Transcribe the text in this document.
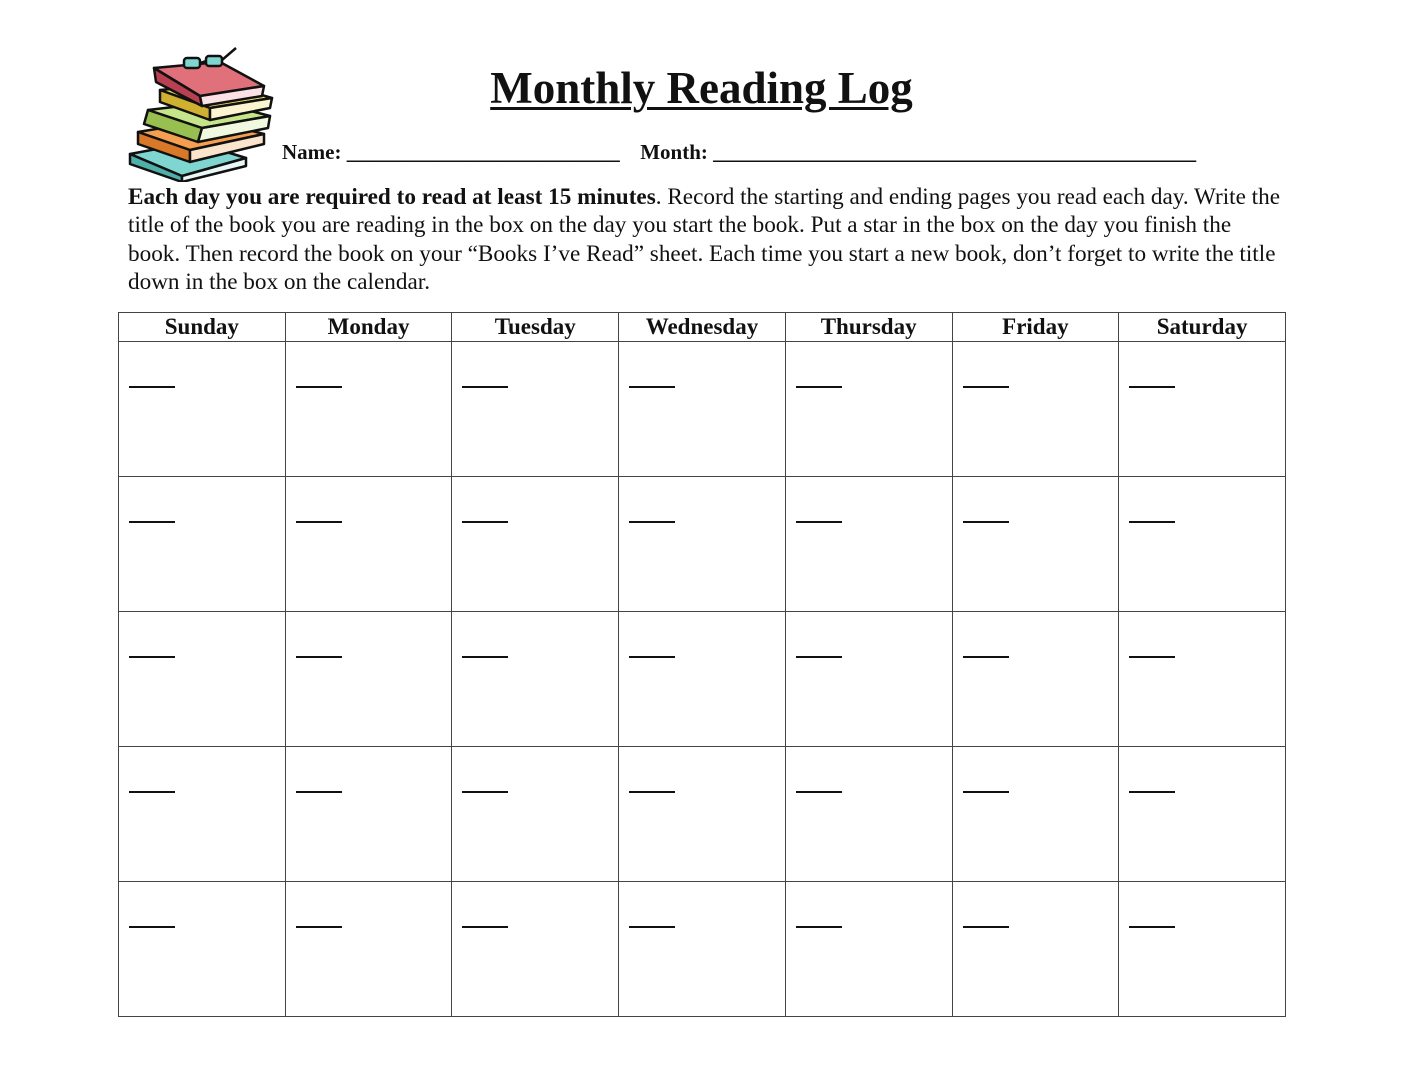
Monthly Reading Log
Name: __________________________ Month: ______________________________________________

Each day you are required to read at least 15 minutes. Record the starting and ending pages you read each day. Write the title of the book you are reading in the box on the day you start the book. Put a star in the box on the day you finish the book. Then record the book on your “Books I’ve Read” sheet. Each time you start a new book, don’t forget to write the title down in the box on the calendar.

Sunday	Monday	Tuesday	Wednesday	Thursday	Friday	Saturday
